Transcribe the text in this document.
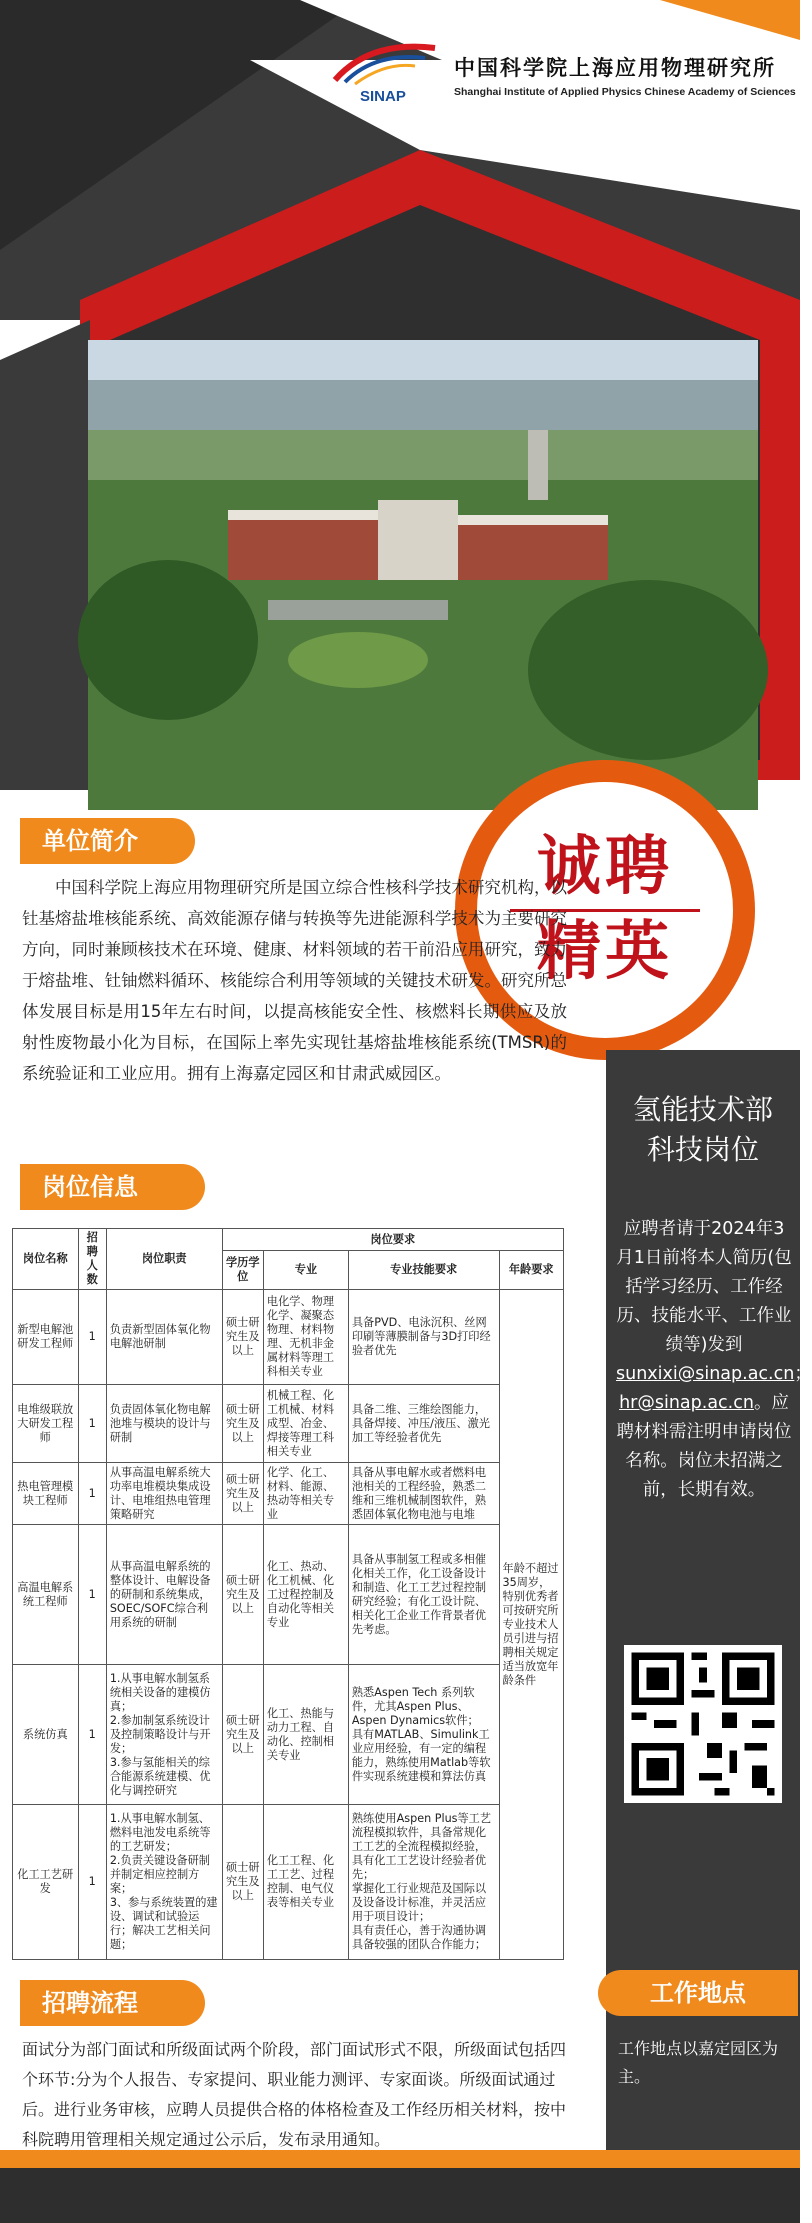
SINAP
中国科学院上海应用物理研究所
Shanghai Institute of Applied Physics Chinese Academy of Sciences
诚聘
精英
单位简介
中国科学院上海应用物理研究所是国立综合性核科学技术研究机构，以钍基熔盐堆核能系统、高效能源存储与转换等先进能源科学技术为主要研究方向，同时兼顾核技术在环境、健康、材料领域的若干前沿应用研究，致力于熔盐堆、钍铀燃料循环、核能综合利用等领域的关键技术研发。研究所总体发展目标是用15年左右时间，以提高核能安全性、核燃料长期供应及放射性废物最小化为目标，在国际上率先实现钍基熔盐堆核能系统(TMSR)的系统验证和工业应用。拥有上海嘉定园区和甘肃武威园区。
岗位信息
氢能技术部
科技岗位
应聘者请于2024年3月1日前将本人简历(包括学习经历、工作经历、技能水平、工作业绩等)发到 sunxixi@sinap.ac.cn； hr@sinap.ac.cn。应聘材料需注明申请岗位名称。岗位未招满之前，长期有效。
工作地点
工作地点以嘉定园区为主。
岗位名称	招聘人数	岗位职责	岗位要求			
			学历学位	专业	专业技能要求	年龄要求
新型电解池研发工程师	1	负责新型固体氧化物电解池研制	硕士研究生及以上	电化学、物理化学、凝聚态物理、材料物理、无机非金属材料等理工科相关专业	具备PVD、电泳沉积、丝网印刷等薄膜制备与3D打印经验者优先	年龄不超过35周岁，特别优秀者可按研究所专业技术人员引进与招聘相关规定适当放宽年龄条件
电堆级联放大研发工程师	1	负责固体氧化物电解池堆与模块的设计与研制	硕士研究生及以上	机械工程、化工机械、材料成型、冶金、焊接等理工科相关专业	具备二维、三维绘图能力，具备焊接、冲压/液压、激光加工等经验者优先	
热电管理模块工程师	1	从事高温电解系统大功率电堆模块集成设计、电堆组热电管理策略研究	硕士研究生及以上	化学、化工、材料、能源、热动等相关专业	具备从事电解水或者燃料电池相关的工程经验，熟悉二维和三维机械制图软件，熟悉固体氧化物电池与电堆	
高温电解系统工程师	1	从事高温电解系统的整体设计、电解设备的研制和系统集成，SOEC/SOFC综合利用系统的研制	硕士研究生及以上	化工、热动、化工机械、化工过程控制及自动化等相关专业	具备从事制氢工程或多相催化相关工作，化工设备设计和制造、化工工艺过程控制研究经验；有化工设计院、相关化工企业工作背景者优先考虑。	
系统仿真	1	1.从事电解水制氢系统相关设备的建模仿真；
2.参加制氢系统设计及控制策略设计与开发；
3.参与氢能相关的综合能源系统建模、优化与调控研究	硕士研究生及以上	化工、热能与动力工程、自动化、控制相关专业	熟悉Aspen Tech 系列软件，尤其Aspen Plus、Aspen Dynamics软件；
具有MATLAB、Simulink工业应用经验，有一定的编程能力，熟练使用Matlab等软件实现系统建模和算法仿真	
化工工艺研发	1	1.从事电解水制氢、燃料电池发电系统等的工艺研发；
2.负责关键设备研制并制定相应控制方案；
3、参与系统装置的建设、调试和试验运行；解决工艺相关问题；	硕士研究生及以上	化工工程、化工工艺、过程控制、电气仪表等相关专业	熟练使用Aspen Plus等工艺流程模拟软件，具备常规化工工艺的全流程模拟经验，具有化工工艺设计经验者优先；
掌握化工行业规范及国际以及设备设计标准，并灵活应用于项目设计；
具有责任心，善于沟通协调具备较强的团队合作能力；	
招聘流程
面试分为部门面试和所级面试两个阶段，部门面试形式不限，所级面试包括四个环节:分为个人报告、专家提问、职业能力测评、专家面谈。所级面试通过后。进行业务审核，应聘人员提供合格的体格检查及工作经历相关材料，按中科院聘用管理相关规定通过公示后，发布录用通知。
